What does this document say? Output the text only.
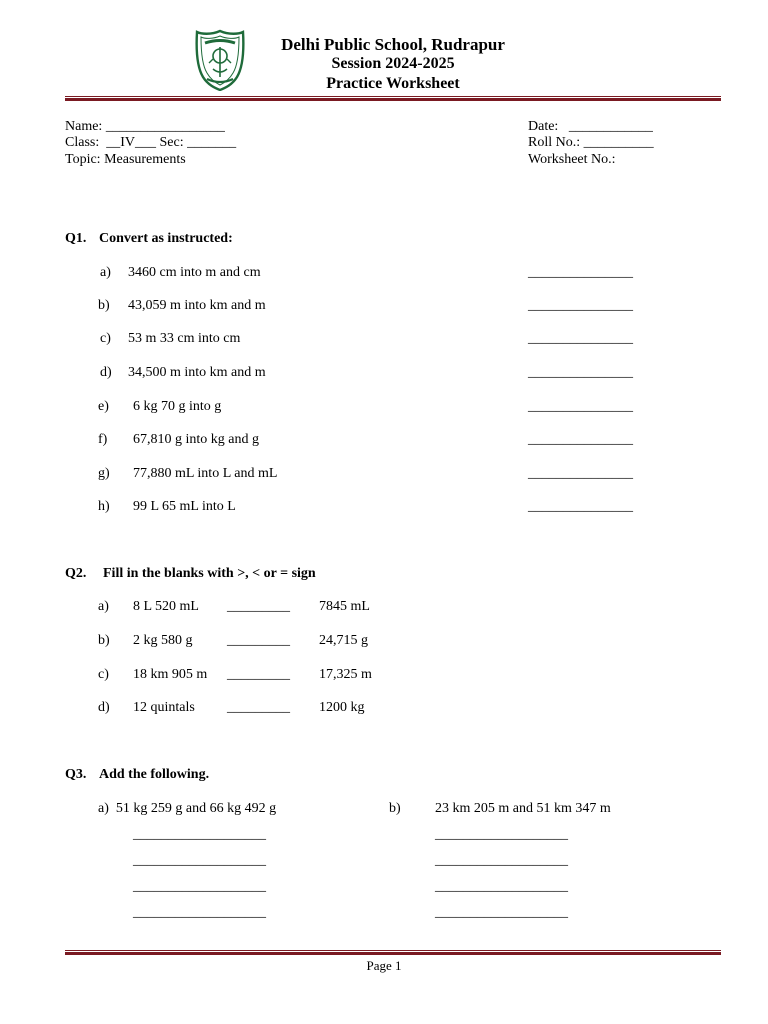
Delhi Public School, Rudrapur
Session 2024-2025
Practice Worksheet
Name: _________________
Class:  __IV___ Sec: _______
Topic: Measurements
Date:   ____________
Roll No.: __________
Worksheet No.:
Q1. Convert as instructed:
a) 3460 cm into m and cm	_______________
b) 43,059 m into km and m	_______________
c) 53 m 33 cm into cm	_______________
d) 34,500 m into km and m	_______________
e) 6 kg 70 g into g	_______________
f) 67,810 g into kg and g	_______________
g) 77,880 mL into L and mL	_______________
h) 99 L 65 mL into L	_______________
Q2. Fill in the blanks with >, < or = sign
a) 8 L 520 mL _________ 7845 mL
b) 2 kg 580 g _________ 24,715 g
c) 18 km 905 m _________ 17,325 m
d) 12 quintals _________ 1200 kg
Q3. Add the following.
a)  51 kg 259 g and 66 kg 492 g	b) 23 km 205 m and 51 km 347 m
___________________
___________________
___________________
___________________
___________________
___________________
___________________
___________________
Page 1
